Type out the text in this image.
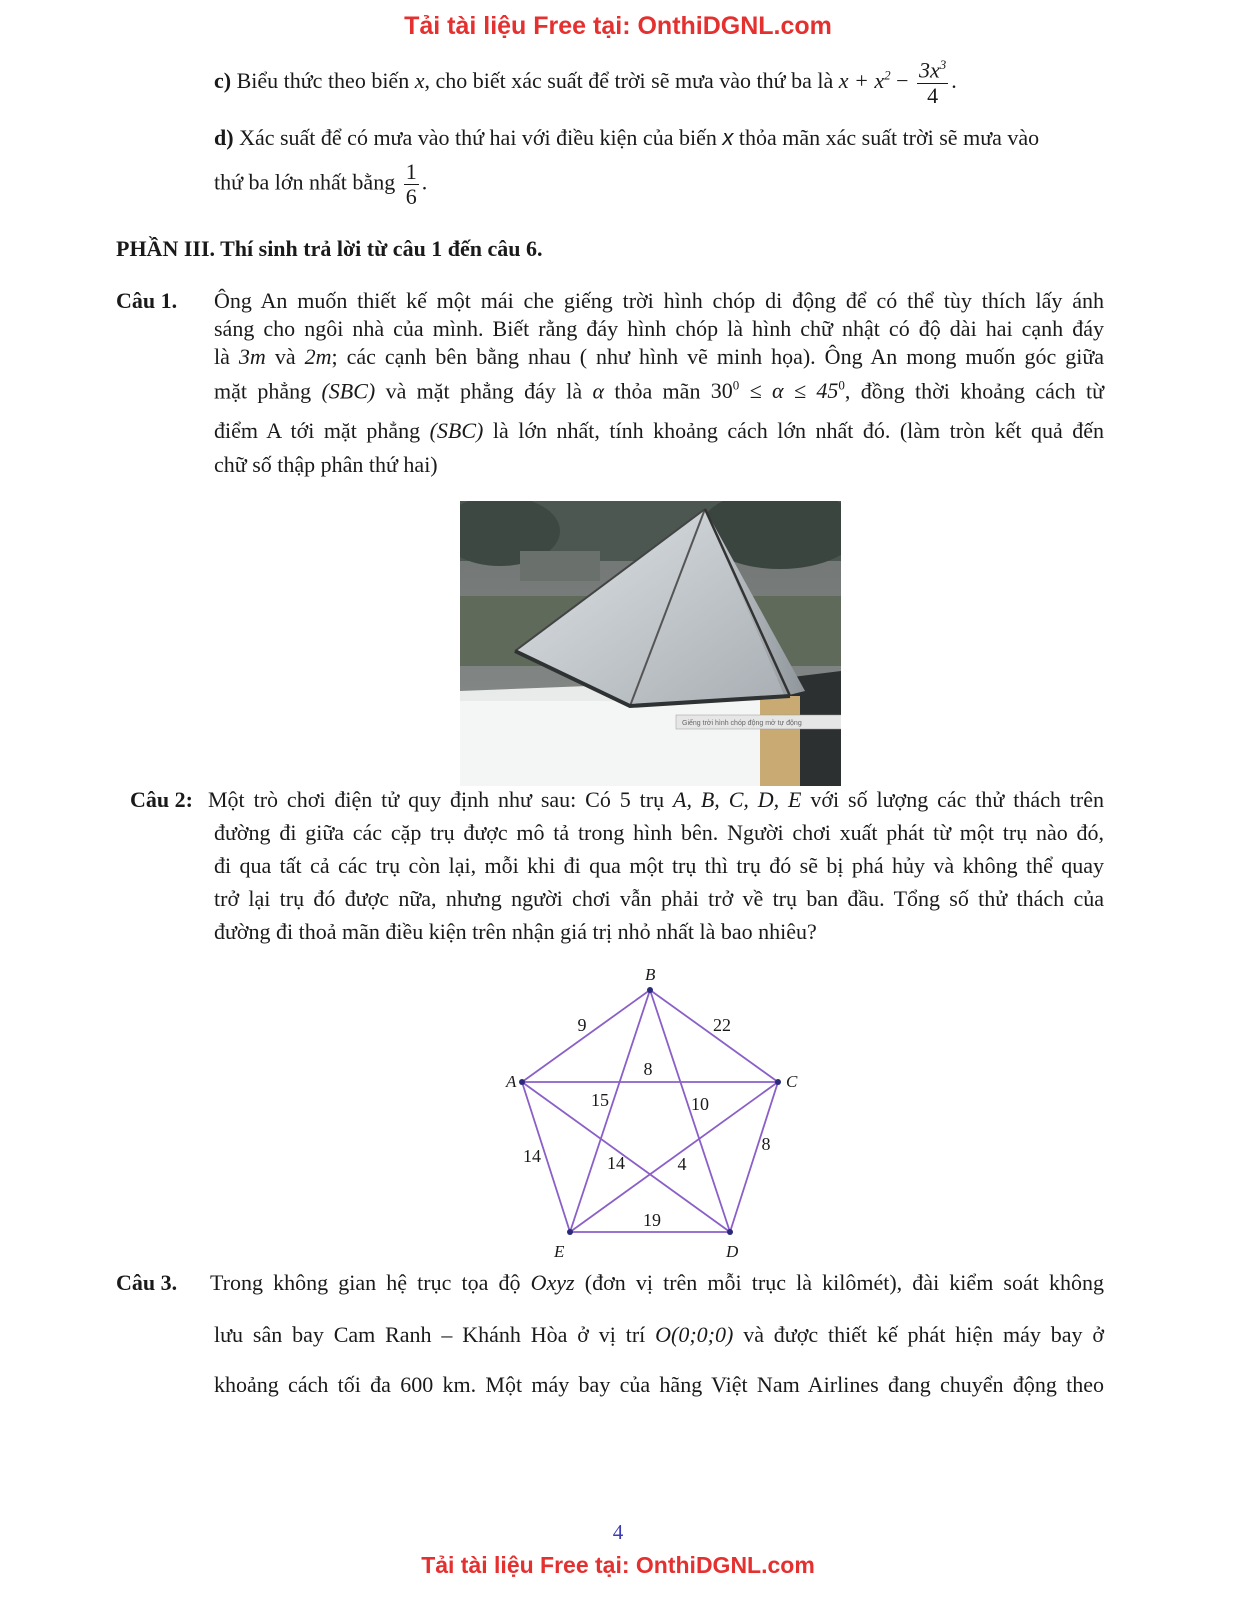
Tải tài liệu Free tại: OnthiDGNL.com
c) Biểu thức theo biến x, cho biết xác suất để trời sẽ mưa vào thứ ba là $x + x^2 - \frac{3x^3}{4}$ .
d) Xác suất để có mưa vào thứ hai với điều kiện của biến x thỏa mãn xác suất trời sẽ mưa vào
thứ ba lớn nhất bằng $\frac{1}{6}$ .
PHẦN III. Thí sinh trả lời từ câu 1 đến câu 6.
Câu 1. Ông An muốn thiết kế một mái che giếng trời hình chóp di động để có thể tùy thích lấy ánh
sáng cho ngôi nhà của mình. Biết rằng đáy hình chóp là hình chữ nhật có độ dài hai cạnh đáy
là 3m và 2m; các cạnh bên bằng nhau ( như hình vẽ minh họa). Ông An mong muốn góc giữa
mặt phẳng (SBC) và mặt phẳng đáy là α thỏa mãn $30^0 \le \alpha \le 45^0$, đồng thời khoảng cách từ
điểm A tới mặt phẳng (SBC) là lớn nhất, tính khoảng cách lớn nhất đó. (làm tròn kết quả đến
chữ số thập phân thứ hai)
Giếng trời hình chóp động mở tự động
Câu 2: Một trò chơi điện tử quy định như sau: Có 5 trụ A, B, C, D, E với số lượng các thử thách trên
đường đi giữa các cặp trụ được mô tả trong hình bên. Người chơi xuất phát từ một trụ nào đó,
đi qua tất cả các trụ còn lại, mỗi khi đi qua một trụ thì trụ đó sẽ bị phá hủy và không thể quay
trở lại trụ đó được nữa, nhưng người chơi vẫn phải trở về trụ ban đầu. Tổng số thử thách của
đường đi thoả mãn điều kiện trên nhận giá trị nhỏ nhất là bao nhiêu?
9	22
8
15	10
8
14	14	4
19
A
B
C
D
E
Câu 3. Trong không gian hệ trục tọa độ Oxyz (đơn vị trên mỗi trục là kilômét), đài kiểm soát không
lưu sân bay Cam Ranh – Khánh Hòa ở vị trí O(0;0;0) và được thiết kế phát hiện máy bay ở
khoảng cách tối đa 600 km. Một máy bay của hãng Việt Nam Airlines đang chuyển động theo
4
Tải tài liệu Free tại: OnthiDGNL.com
